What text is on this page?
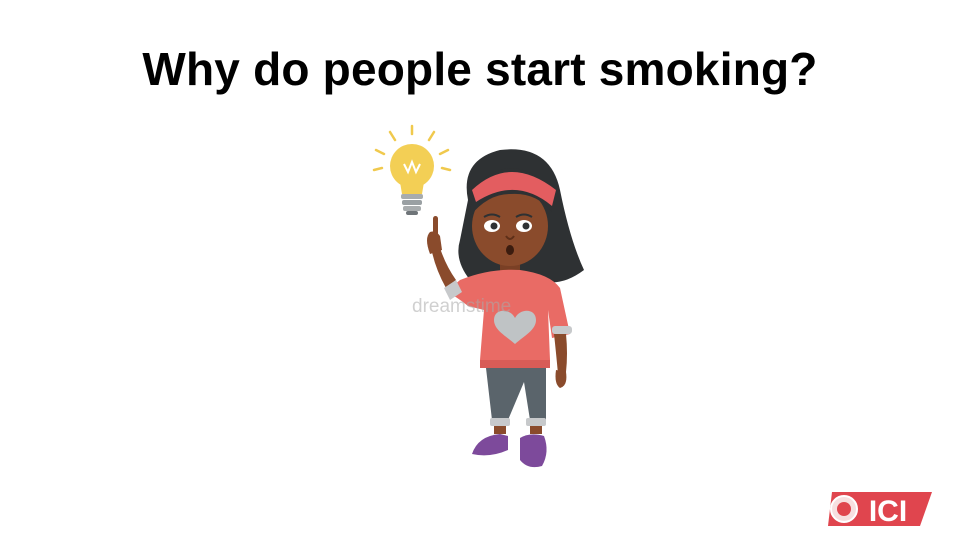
Why do people start smoking?
dreamstime
ICI
